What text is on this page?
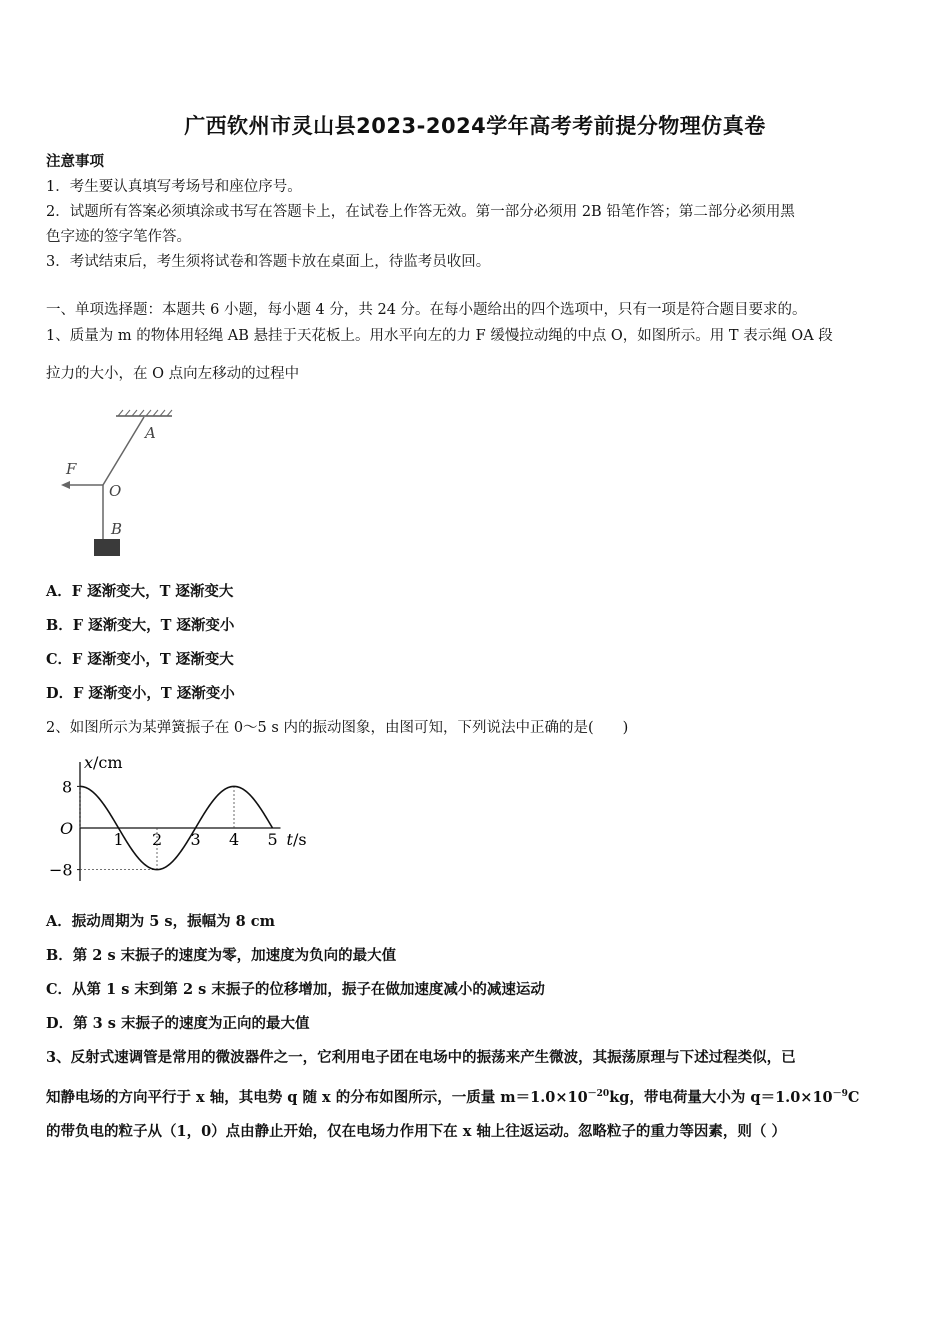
广西钦州市灵山县2023-2024学年高考考前提分物理仿真卷
注意事项
1．考生要认真填写考场号和座位序号。
2．试题所有答案必须填涂或书写在答题卡上，在试卷上作答无效。第一部分必须用 2B 铅笔作答；第二部分必须用黑
色字迹的签字笔作答。
3．考试结束后，考生须将试卷和答题卡放在桌面上，待监考员收回。
一、单项选择题：本题共 6 小题，每小题 4 分，共 24 分。在每小题给出的四个选项中，只有一项是符合题目要求的。
1、质量为 m 的物体用轻绳 AB 悬挂于天花板上。用水平向左的力 F 缓慢拉动绳的中点 O，如图所示。用 T 表示绳 OA 段
拉力的大小，在 O 点向左移动的过程中
A
F
O
B
A．F 逐渐变大，T 逐渐变大
B．F 逐渐变大，T 逐渐变小
C．F 逐渐变小，T 逐渐变大
D．F 逐渐变小，T 逐渐变小
2、如图所示为某弹簧振子在 0～5 s 内的振动图象，由图可知，下列说法中正确的是(　　)
x/cm
t/s
O
8
−8
1 2 3 4 5
A．振动周期为 5 s，振幅为 8 cm
B．第 2 s 末振子的速度为零，加速度为负向的最大值
C．从第 1 s 末到第 2 s 末振子的位移增加，振子在做加速度减小的减速运动
D．第 3 s 末振子的速度为正向的最大值
3、反射式速调管是常用的微波器件之一，它利用电子团在电场中的振荡来产生微波，其振荡原理与下述过程类似，已
知静电场的方向平行于 x 轴，其电势 q 随 x 的分布如图所示，一质量 $m=1.0\times 10^{-20}kg$，带电荷量大小为 $q=1.0\times 10^{-9}C$
的带负电的粒子从（1，0）点由静止开始，仅在电场力作用下在 x 轴上往返运动。忽略粒子的重力等因素，则（ ）
